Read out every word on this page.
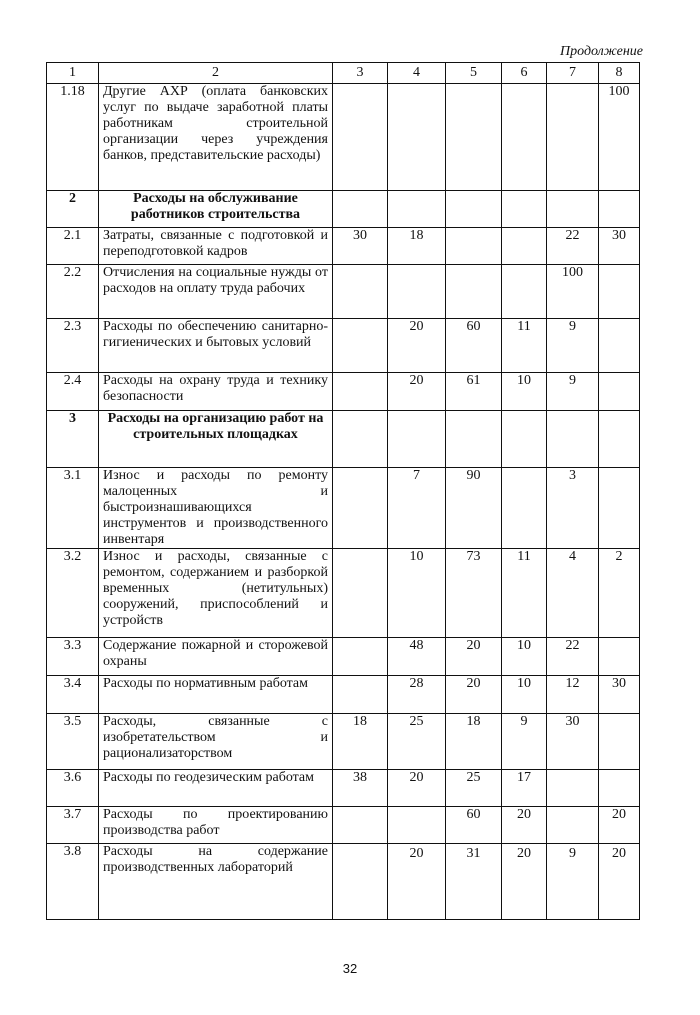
Продолжение
1	2	3	4	5	6	7	8
1.18	Другие АХР (оплата банковских услуг по выдаче заработной платы работникам строительной организации через учреждения банков, представительские расходы)						100
2	Расходы на обслуживание работников строительства						
2.1	Затраты, связанные с подготовкой и переподготовкой кадров	30	18			22	30
2.2	Отчисления на социальные нужды от расходов на оплату труда рабочих					100	
2.3	Расходы по обеспечению санитарно-гигиенических и бытовых условий		20	60	11	9	
2.4	Расходы на охрану труда и технику безопасности		20	61	10	9	
3	Расходы на организацию работ на строительных площадках						
3.1	Износ и расходы по ремонту малоценных и быстроизнашивающихся инструментов и производственного инвентаря		7	90		3	
3.2	Износ и расходы, связанные с ремонтом, содержанием и разборкой временных (нетитульных) сооружений, приспособлений и устройств		10	73	11	4	2
3.3	Содержание пожарной и сторожевой охраны		48	20	10	22	
3.4	Расходы по нормативным работам		28	20	10	12	30
3.5	Расходы, связанные с изобретательством и рационализаторством	18	25	18	9	30	
3.6	Расходы по геодезическим работам	38	20	25	17		
3.7	Расходы по проектированию производства работ			60	20		20
3.8	Расходы на содержание производственных лабораторий		20	31	20	9	20
32
